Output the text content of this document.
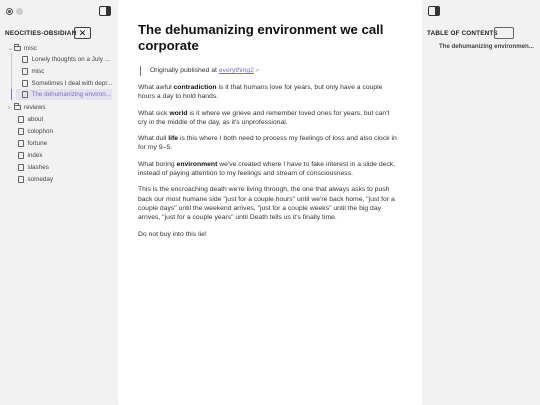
NEOCITIES-OBSIDIAN ✕
⌄ misc
Lonely thoughts on a July ...
misc
Sometimes I deal with depr...
The dehumanizing environ...
›	reviews
about
colophon
fortune
index
slashes
someday
The dehumanizing environment we call corporate
Originally published at everything2↗

What awful contradiction is it that humans love for years, but only have a couple hours a day to hold hands.

What sick world is it where we grieve and remember loved ones for years, but can't cry in the middle of the day, as it's unprofessional.

What dull life is this where I both need to process my feelings of loss and also clock in for my 9–5.

What boring environment we've created where I have to fake interest in a slide deck, instead of paying attention to my feelings and stream of consciousness.

This is the encroaching death we're living through, the one that always asks to push back our most humane side "just for a couple hours" until we're back home, "just for a couple days" until the weekend arrives, "just for a couple weeks" until the big day arrives, "just for a couple years" until Death tells us it's finally time.

Do not buy into this lie!

TABLE OF CONTENTS
The dehumanizing environmen...
